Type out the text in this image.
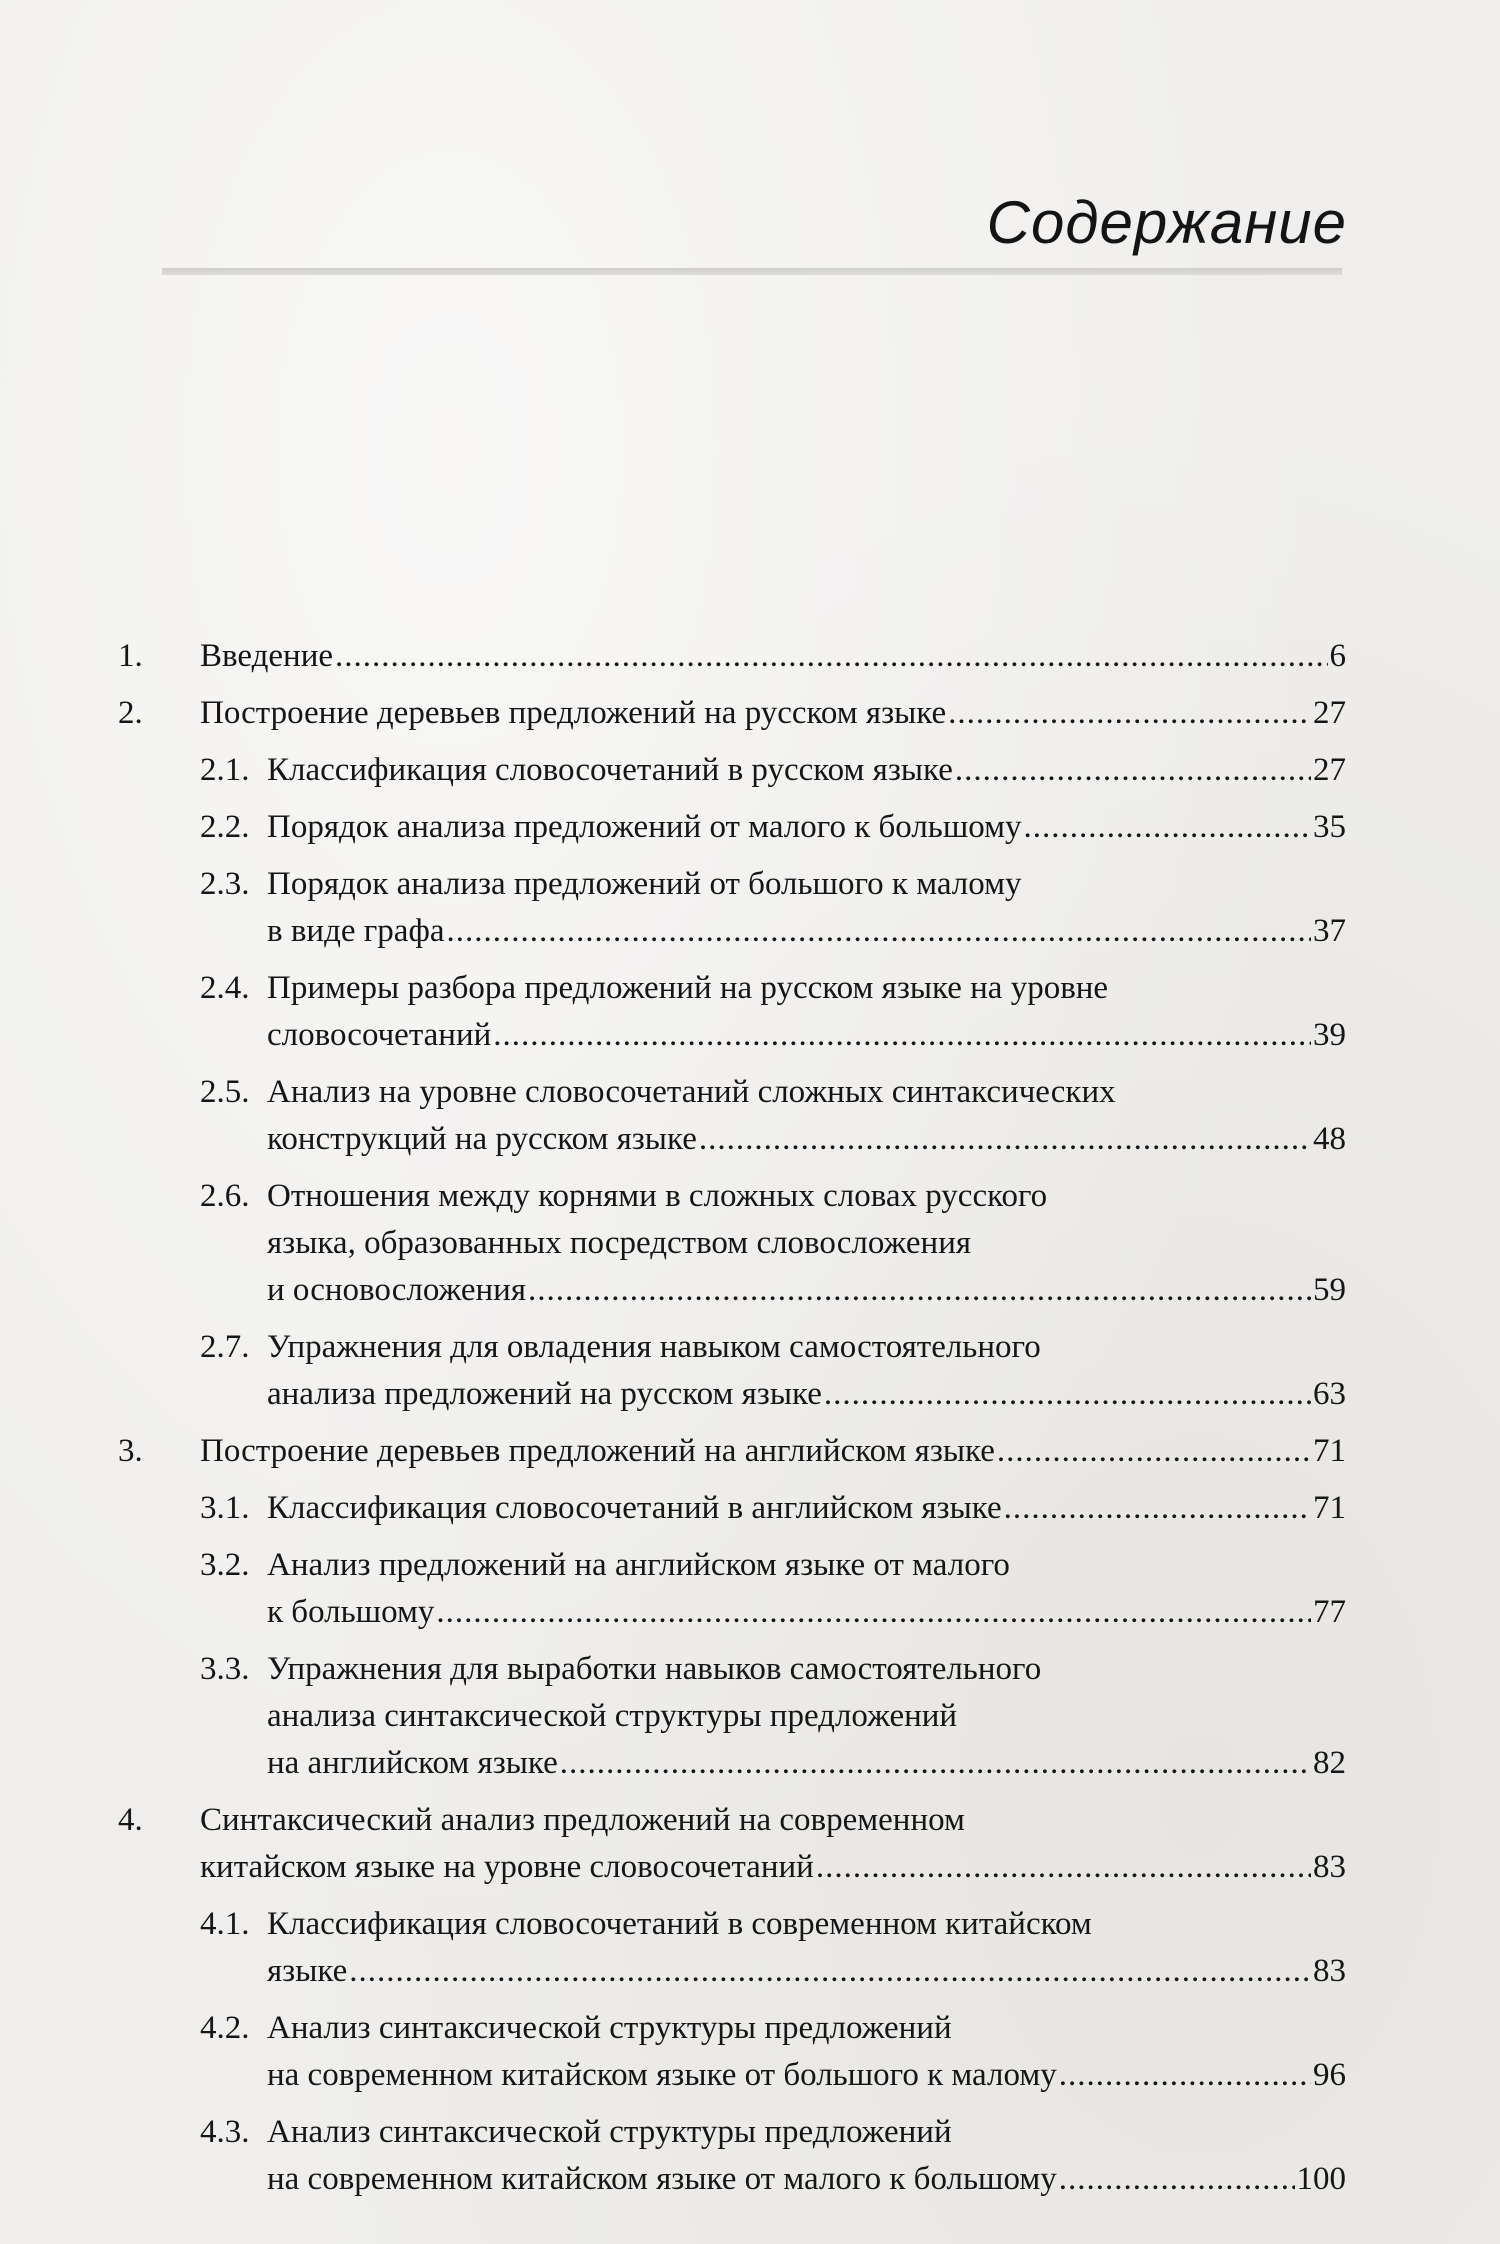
Содержание
1. Введение .....	6
2. Построение деревьев предложений на русском языке .....	27
2.1. Классификация словосочетаний в русском языке .....	27
2.2. Порядок анализа предложений от малого к большому .....	35
2.3. Порядок анализа предложений от большого к малому
в виде графа .....	37
2.4. Примеры разбора предложений на русском языке на уровне
словосочетаний .....	39
2.5. Анализ на уровне словосочетаний сложных синтаксических
конструкций на русском языке .....	48
2.6. Отношения между корнями в сложных словах русского
языка, образованных посредством словосложения
и основосложения .....	59
2.7. Упражнения для овладения навыком самостоятельного
анализа предложений на русском языке .....	63
3. Построение деревьев предложений на английском языке .....	71
3.1. Классификация словосочетаний в английском языке .....	71
3.2. Анализ предложений на английском языке от малого
к большому .....	77
3.3. Упражнения для выработки навыков самостоятельного
анализа синтаксической структуры предложений
на английском языке .....	82
4. Синтаксический анализ предложений на современном
китайском языке на уровне словосочетаний .....	83
4.1. Классификация словосочетаний в современном китайском
языке .....	83
4.2. Анализ синтаксической структуры предложений
на современном китайском языке от большого к малому .....	96
4.3. Анализ синтаксической структуры предложений
на современном китайском языке от малого к большому .....	100
